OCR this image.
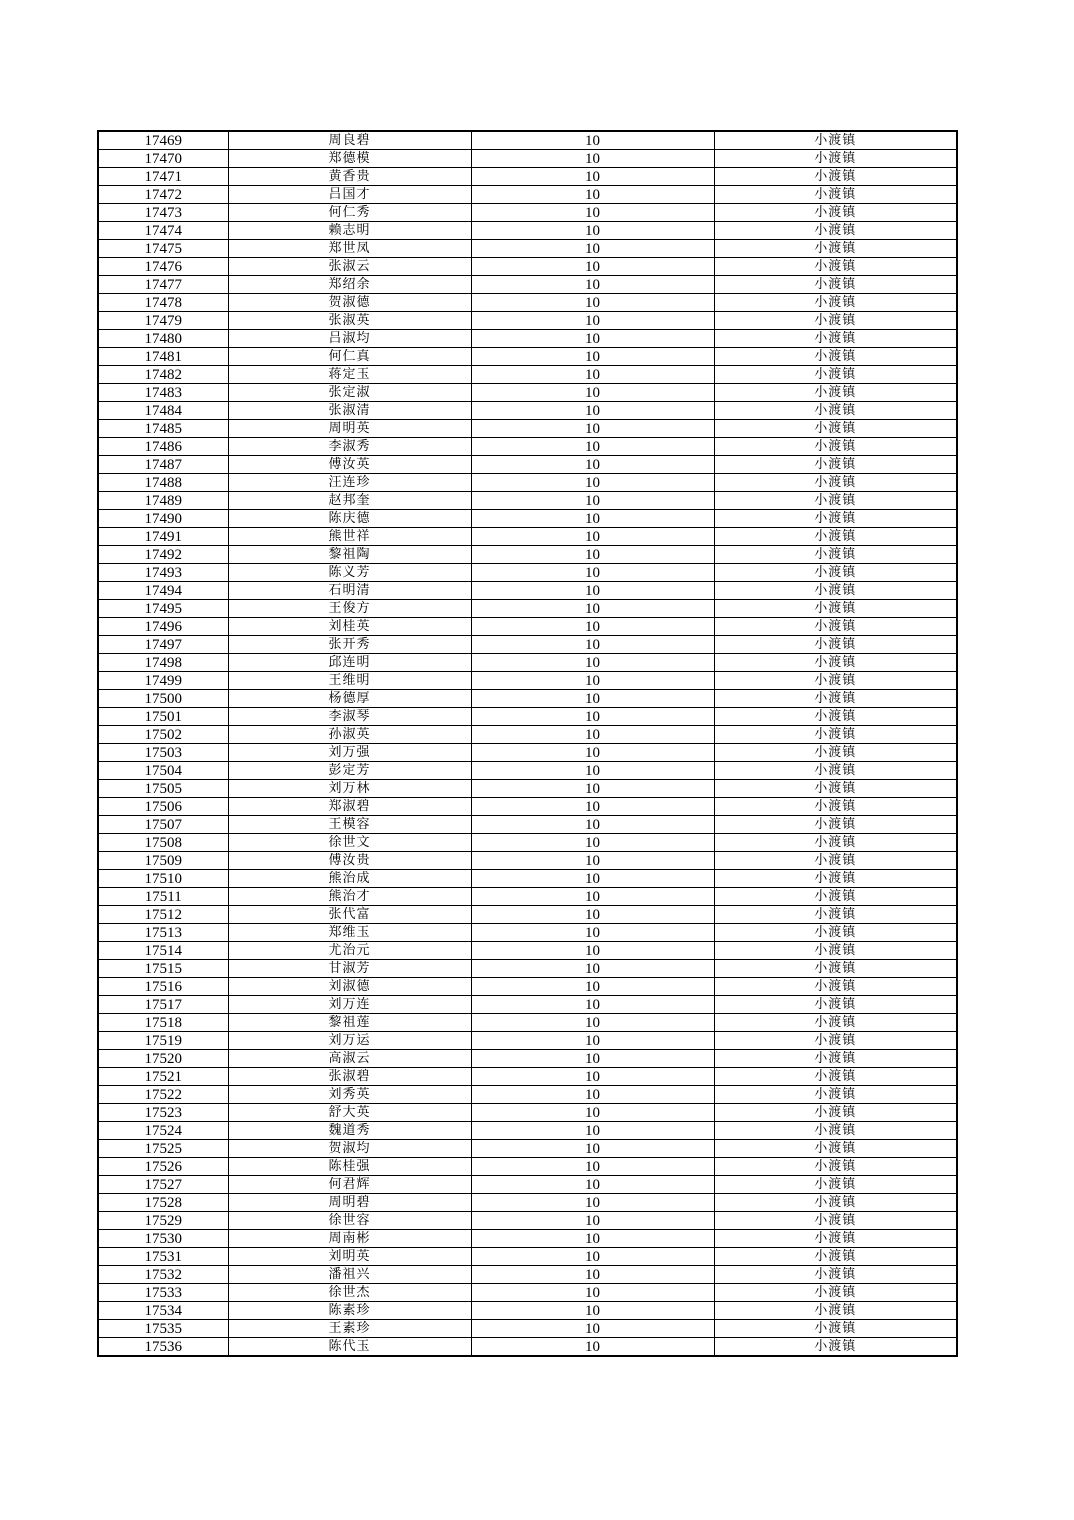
17469	周良碧	10	小渡镇
17470	郑德模	10	小渡镇
17471	黄香贵	10	小渡镇
17472	吕国才	10	小渡镇
17473	何仁秀	10	小渡镇
17474	赖志明	10	小渡镇
17475	郑世凤	10	小渡镇
17476	张淑云	10	小渡镇
17477	郑绍余	10	小渡镇
17478	贺淑德	10	小渡镇
17479	张淑英	10	小渡镇
17480	吕淑均	10	小渡镇
17481	何仁真	10	小渡镇
17482	蒋定玉	10	小渡镇
17483	张定淑	10	小渡镇
17484	张淑清	10	小渡镇
17485	周明英	10	小渡镇
17486	李淑秀	10	小渡镇
17487	傅汝英	10	小渡镇
17488	汪连珍	10	小渡镇
17489	赵邦奎	10	小渡镇
17490	陈庆德	10	小渡镇
17491	熊世祥	10	小渡镇
17492	黎祖陶	10	小渡镇
17493	陈义芳	10	小渡镇
17494	石明清	10	小渡镇
17495	王俊方	10	小渡镇
17496	刘桂英	10	小渡镇
17497	张开秀	10	小渡镇
17498	邱连明	10	小渡镇
17499	王维明	10	小渡镇
17500	杨德厚	10	小渡镇
17501	李淑琴	10	小渡镇
17502	孙淑英	10	小渡镇
17503	刘万强	10	小渡镇
17504	彭定芳	10	小渡镇
17505	刘万林	10	小渡镇
17506	郑淑碧	10	小渡镇
17507	王模容	10	小渡镇
17508	徐世文	10	小渡镇
17509	傅汝贵	10	小渡镇
17510	熊治成	10	小渡镇
17511	熊治才	10	小渡镇
17512	张代富	10	小渡镇
17513	郑维玉	10	小渡镇
17514	尤治元	10	小渡镇
17515	甘淑芳	10	小渡镇
17516	刘淑德	10	小渡镇
17517	刘万连	10	小渡镇
17518	黎祖莲	10	小渡镇
17519	刘万运	10	小渡镇
17520	高淑云	10	小渡镇
17521	张淑碧	10	小渡镇
17522	刘秀英	10	小渡镇
17523	舒大英	10	小渡镇
17524	魏道秀	10	小渡镇
17525	贺淑均	10	小渡镇
17526	陈桂强	10	小渡镇
17527	何君辉	10	小渡镇
17528	周明碧	10	小渡镇
17529	徐世容	10	小渡镇
17530	周南彬	10	小渡镇
17531	刘明英	10	小渡镇
17532	潘祖兴	10	小渡镇
17533	徐世杰	10	小渡镇
17534	陈素珍	10	小渡镇
17535	王素珍	10	小渡镇
17536	陈代玉	10	小渡镇
